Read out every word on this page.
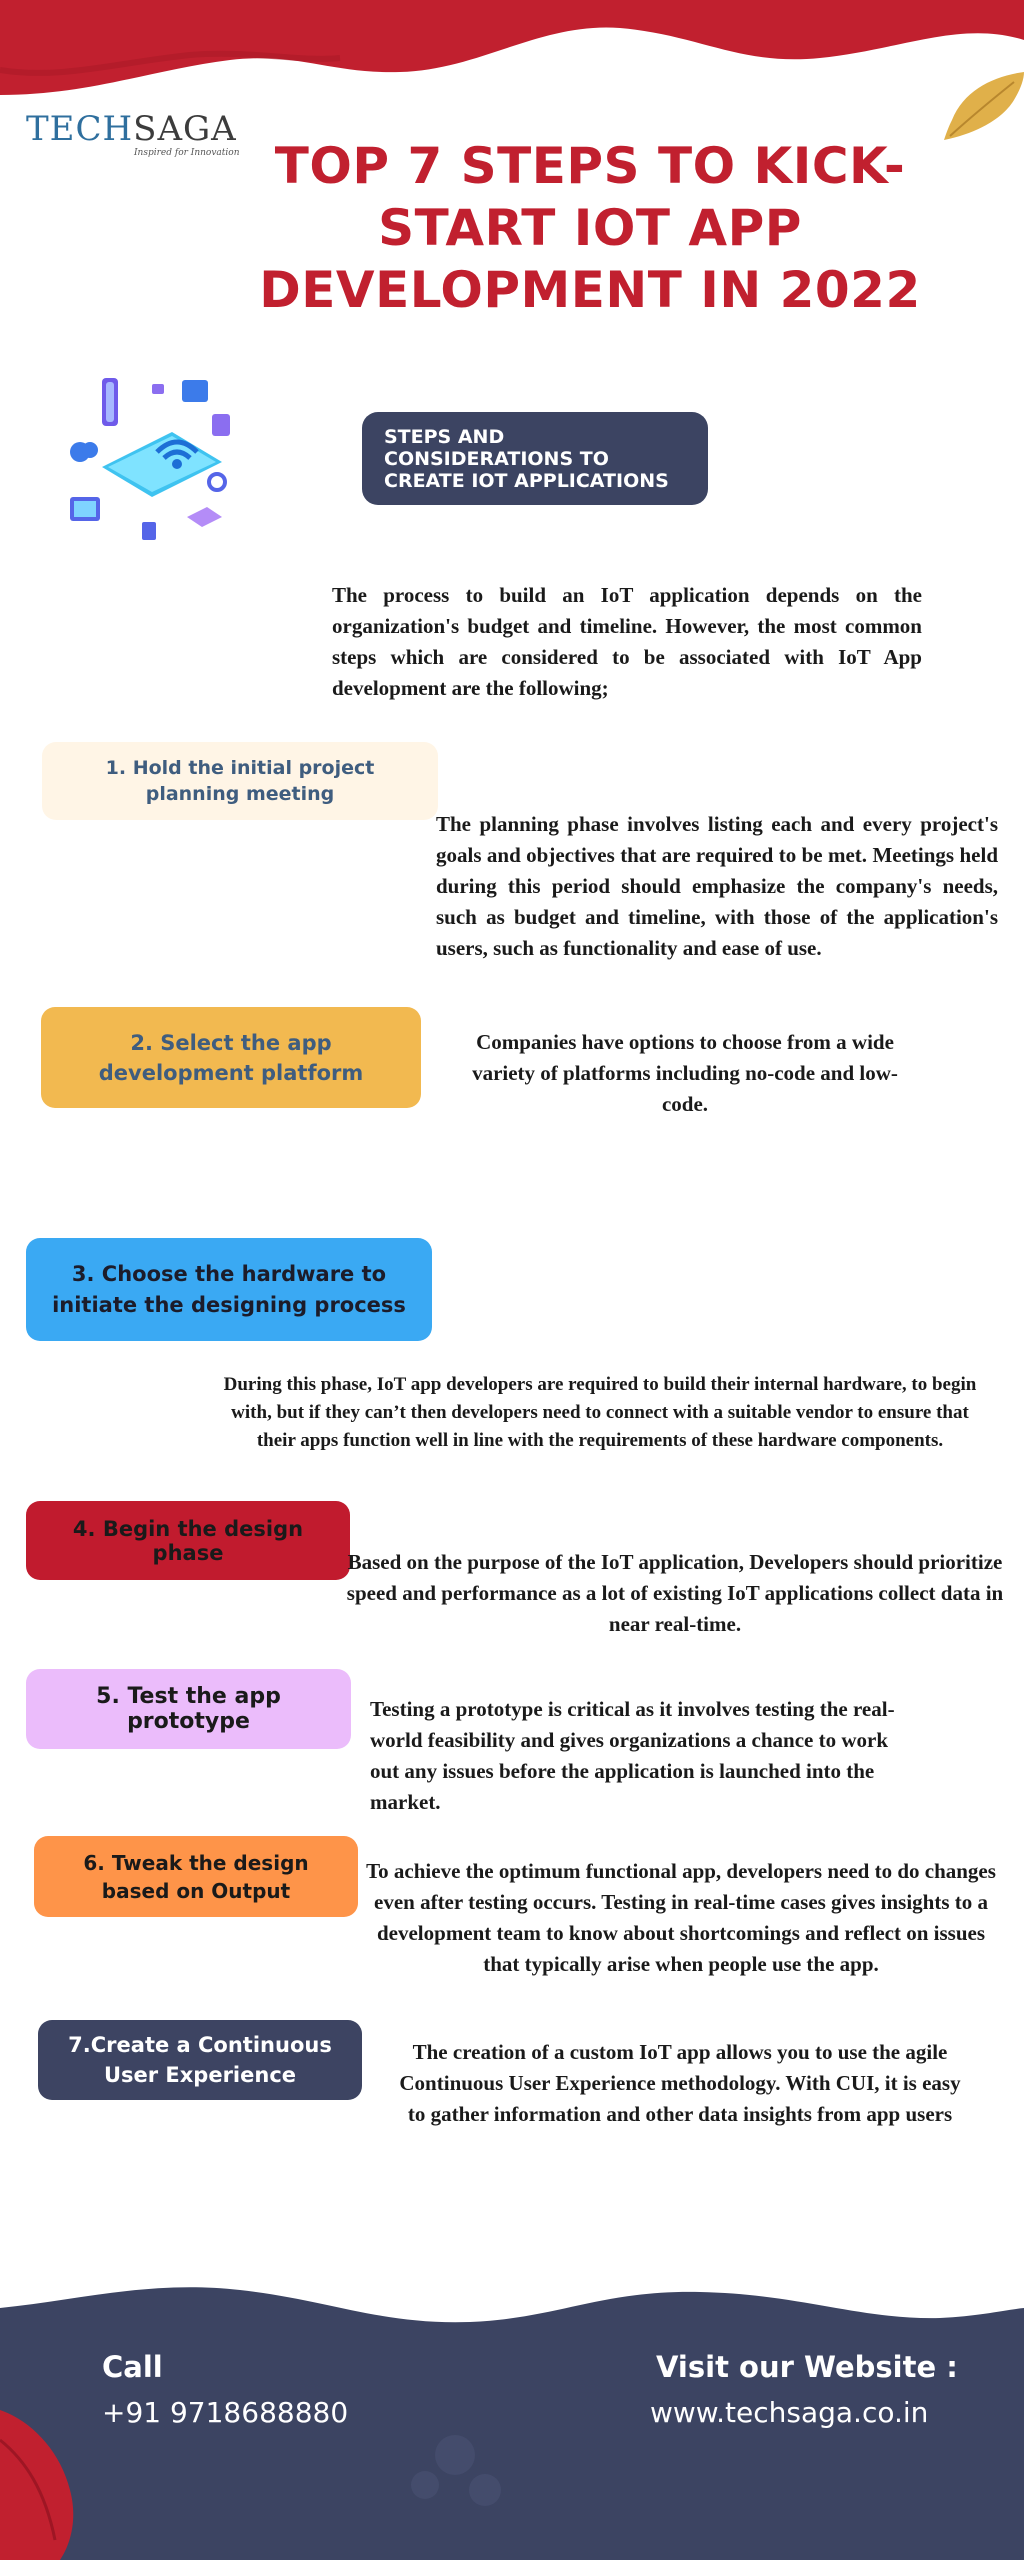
TECHSAGA
Inspired for Innovation TOP 7 STEPS TO KICK-START IOT APP DEVELOPMENT IN 2022
STEPS AND CONSIDERATIONS TO CREATE IOT APPLICATIONS
The process to build an IoT application depends on the organization's budget and timeline. However, the most common steps which are considered to be associated with IoT App development are the following;
1. Hold the initial project planning meeting
The planning phase involves listing each and every project's goals and objectives that are required to be met. Meetings held during this period should emphasize the company's needs, such as budget and timeline, with those of the application's users, such as functionality and ease of use.
2. Select the app development platform
Companies have options to choose from a wide variety of platforms including no-code and low-code.
3. Choose the hardware to initiate the designing process
During this phase, IoT app developers are required to build their internal hardware, to begin with, but if they can’t then developers need to connect with a suitable vendor to ensure that their apps function well in line with the requirements of these hardware components.
4. Begin the design phase	Based on the purpose of the IoT application, Developers should prioritize speed and performance as a lot of existing IoT applications collect data in near real-time.
5. Test the app prototype	Testing a prototype is critical as it involves testing the real-world feasibility and gives organizations a chance to work out any issues before the application is launched into the market.
6. Tweak the design based on Output
To achieve the optimum functional app, developers need to do changes even after testing occurs. Testing in real-time cases gives insights to a development team to know about shortcomings and reflect on issues that typically arise when people use the app.
7.Create a Continuous User Experience
The creation of a custom IoT app allows you to use the agile Continuous User Experience methodology. With CUI, it is easy to gather information and other data insights from app users
Call
+91 9718688880
Visit our Website :
www.techsaga.co.in
